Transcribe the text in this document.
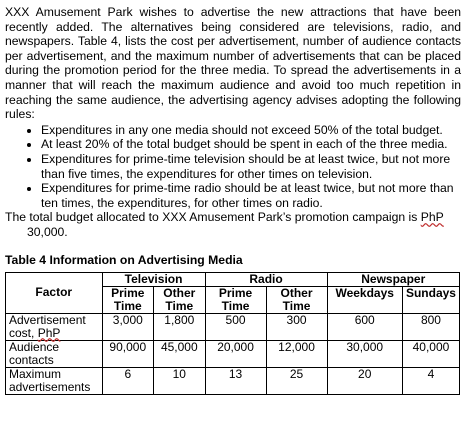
XXX Amusement Park wishes to advertise the new attractions that have been recently added. The alternatives being considered are televisions, radio, and newspapers. Table 4, lists the cost per advertisement, number of audience contacts per advertisement, and the maximum number of advertisements that can be placed during the promotion period for the three media. To spread the advertisements in a manner that will reach the maximum audience and avoid too much repetition in reaching the same audience, the advertising agency advises adopting the following rules:

• Expenditures in any one media should not exceed 50% of the total budget.
• At least 20% of the total budget should be spent in each of the three media.
• Expenditures for prime-time television should be at least twice, but not more than five times, the expenditures for other times on television.
• Expenditures for prime-time radio should be at least twice, but not more than ten times, the expenditures, for other times on radio.

The total budget allocated to XXX Amusement Park’s promotion campaign is PhP
30,000.

Table 4 Information on Advertising Media
Factor	Television		Radio		Newspaper	
	Prime Time	Other Time	Prime Time	Other Time	Weekdays	Sundays
Advertisement cost, PhP	3,000	1,800	500	300	600	800
Audience contacts	90,000	45,000	20,000	12,000	30,000	40,000
Maximum advertisements	6	10	13	25	20	4
